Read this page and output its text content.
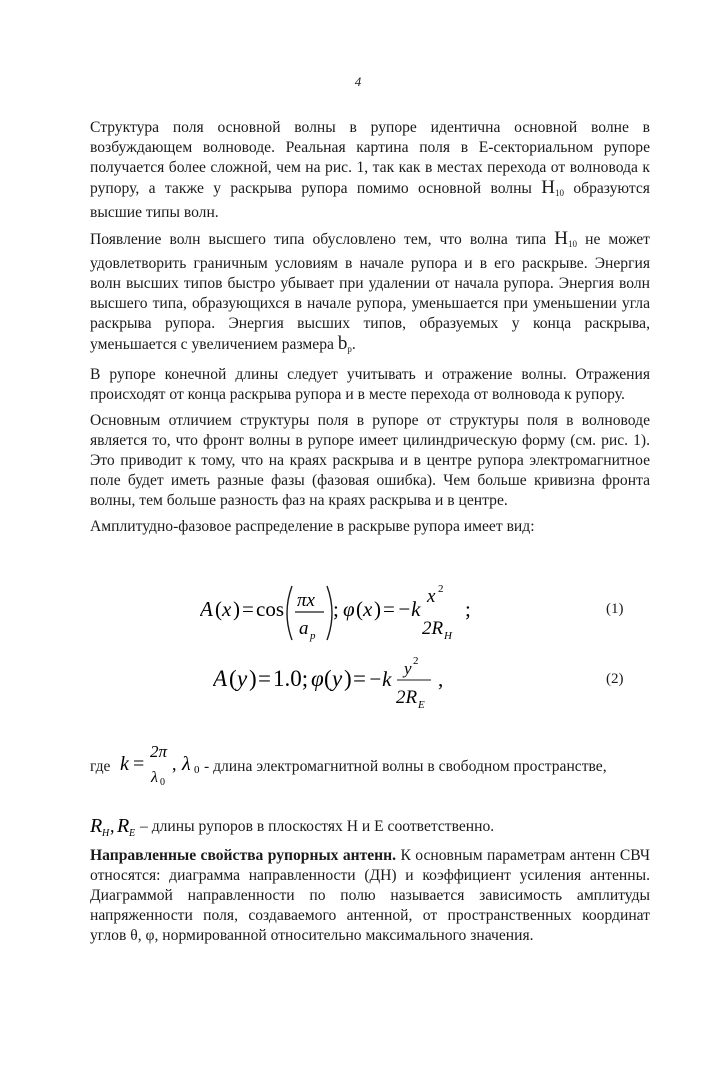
4

Структура поля основной волны в рупоре идентична основной волне в возбуждающем волноводе. Реальная картина поля в Е-секториальном рупоре получается более сложной, чем на рис. 1, так как в местах перехода от волновода к рупору, а также у раскрыва рупора помимо основной волны $H_{10}$ образуются высшие типы волн.

Появление волн высшего типа обусловлено тем, что волна типа $H_{10}$ не может удовлетворить граничным условиям в начале рупора и в его раскрыве. Энергия волн высших типов быстро убывает при удалении от начала рупора. Энергия волн высшего типа, образующихся в начале рупора, уменьшается при уменьшении угла раскрыва рупора. Энергия высших типов, образуемых у конца раскрыва, уменьшается с увеличением размера $b_р$.

В рупоре конечной длины следует учитывать и отражение волны. Отражения происходят от конца раскрыва рупора и в месте перехода от волновода к рупору.

Основным отличием структуры поля в рупоре от структуры поля в волноводе является то, что фронт волны в рупоре имеет цилиндрическую форму (см. рис. 1). Это приводит к тому, что на краях раскрыва и в центре рупора электромагнитное поле будет иметь разные фазы (фазовая ошибка). Чем больше кривизна фронта волны, тем больше разность фаз на краях раскрыва и в центре.

Амплитудно-фазовое распределение в раскрыве рупора имеет вид:

A ( x ) = cos πx
a p
; φ ( x ) = −k
x 2
2R H
;	(1)
A ( y ) = 1.0; φ ( y ) = −k y 2
2R E
,	(2)
где k =
2π
λ 0
, λ 0 - длина электромагнитной волны в свободном пространстве,
R H , R E – длины рупоров в плоскостях Н и Е соответственно.

Направленные свойства рупорных антенн. К основным параметрам антенн СВЧ относятся: диаграмма направленности (ДН) и коэффициент усиления антенны. Диаграммой направленности по полю называется зависимость амплитуды напряженности поля, создаваемого антенной, от пространственных координат углов θ, φ, нормированной относительно максимального значения.
